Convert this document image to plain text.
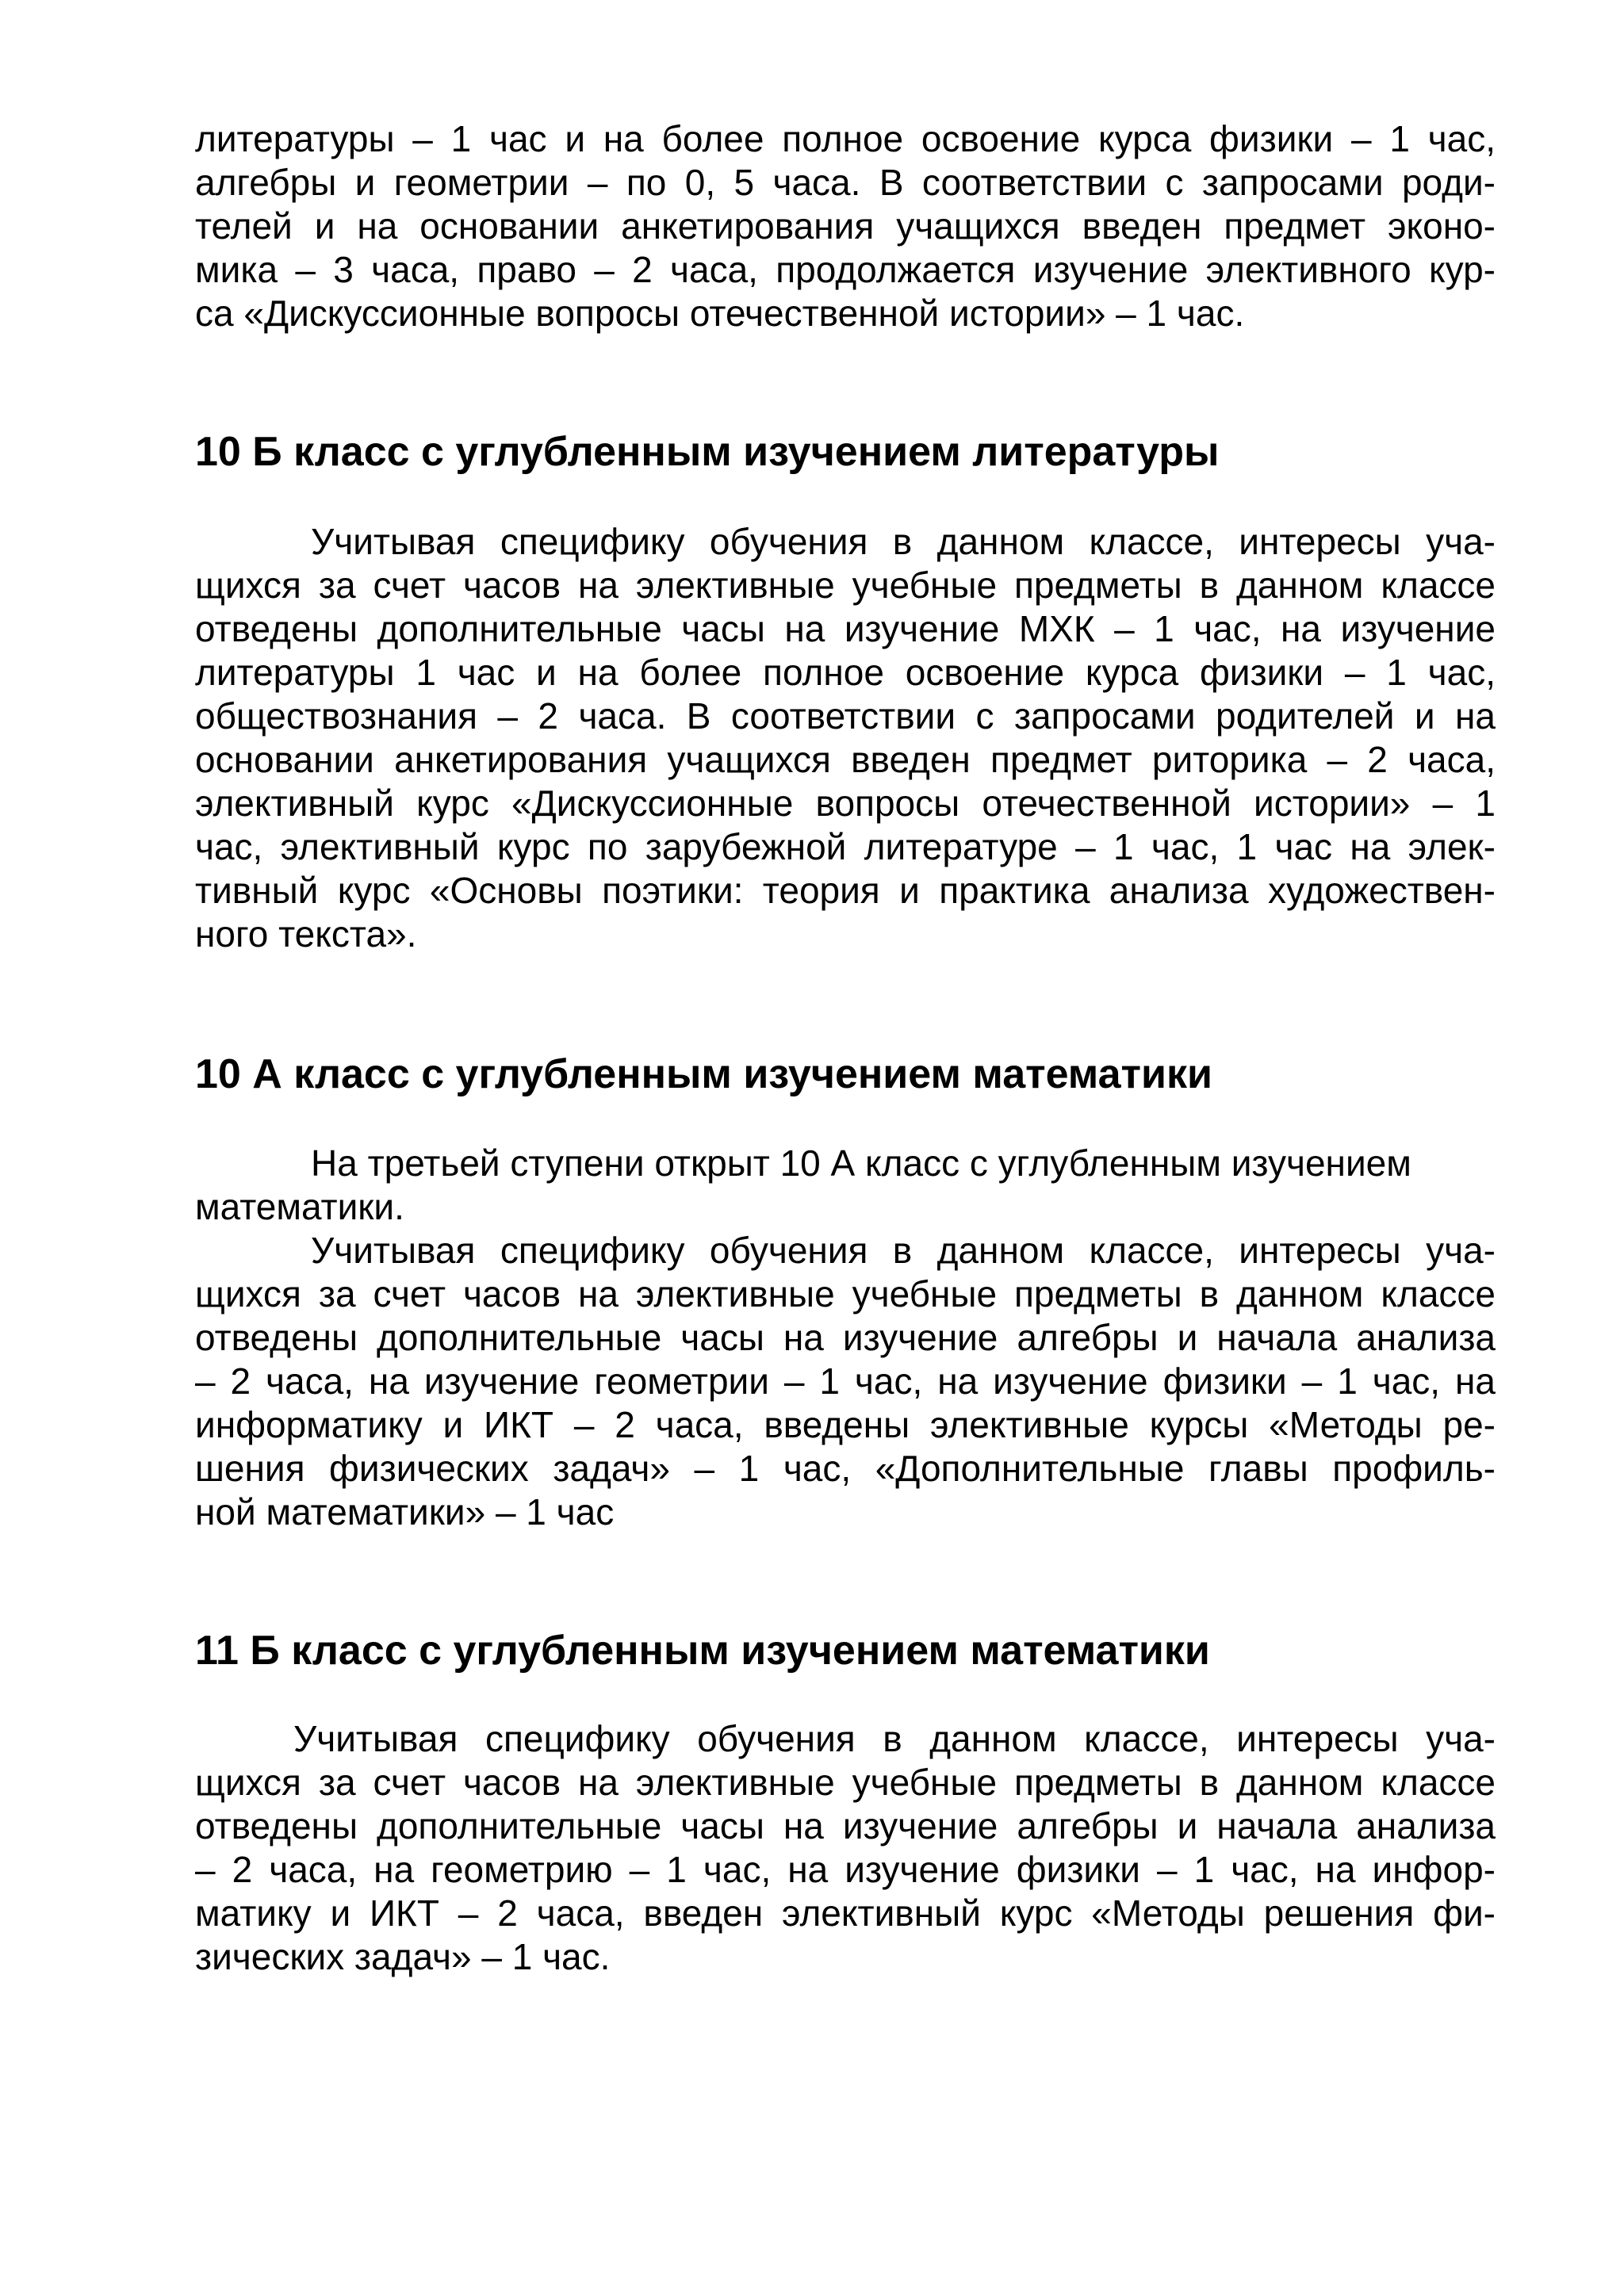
литературы – 1 час и на более полное освоение курса физики – 1 час,
алгебры и геометрии – по 0, 5 часа. В соответствии с запросами роди-
телей и на основании анкетирования учащихся введен предмет эконо-
мика – 3 часа, право – 2 часа, продолжается изучение элективного кур-
са «Дискуссионные вопросы отечественной истории» – 1 час.
10 Б класс с углубленным изучением литературы
Учитывая специфику обучения в данном классе, интересы уча-
щихся за счет часов на элективные учебные предметы в данном классе
отведены дополнительные часы на изучение МХК – 1 час, на изучение
литературы 1 час и на более полное освоение курса физики – 1 час,
обществознания – 2 часа. В соответствии с запросами родителей и на
основании анкетирования учащихся введен предмет риторика – 2 часа,
элективный курс «Дискуссионные вопросы отечественной истории» – 1
час, элективный курс по зарубежной литературе – 1 час, 1 час на элек-
тивный курс «Основы поэтики: теория и практика анализа художествен-
ного текста».
10 А класс с углубленным изучением математики
На третьей ступени открыт 10 А класс с углубленным изучением
математики.
Учитывая специфику обучения в данном классе, интересы уча-
щихся за счет часов на элективные учебные предметы в данном классе
отведены дополнительные часы на изучение алгебры и начала анализа
– 2 часа, на изучение геометрии – 1 час, на изучение физики – 1 час, на
информатику и ИКТ – 2 часа, введены элективные курсы «Методы ре-
шения физических задач» – 1 час, «Дополнительные главы профиль-
ной математики» – 1 час
11 Б класс с углубленным изучением математики
Учитывая специфику обучения в данном классе, интересы уча-
щихся за счет часов на элективные учебные предметы в данном классе
отведены дополнительные часы на изучение алгебры и начала анализа
– 2 часа, на геометрию – 1 час, на изучение физики – 1 час, на инфор-
матику и ИКТ – 2 часа, введен элективный курс «Методы решения фи-
зических задач» – 1 час.
